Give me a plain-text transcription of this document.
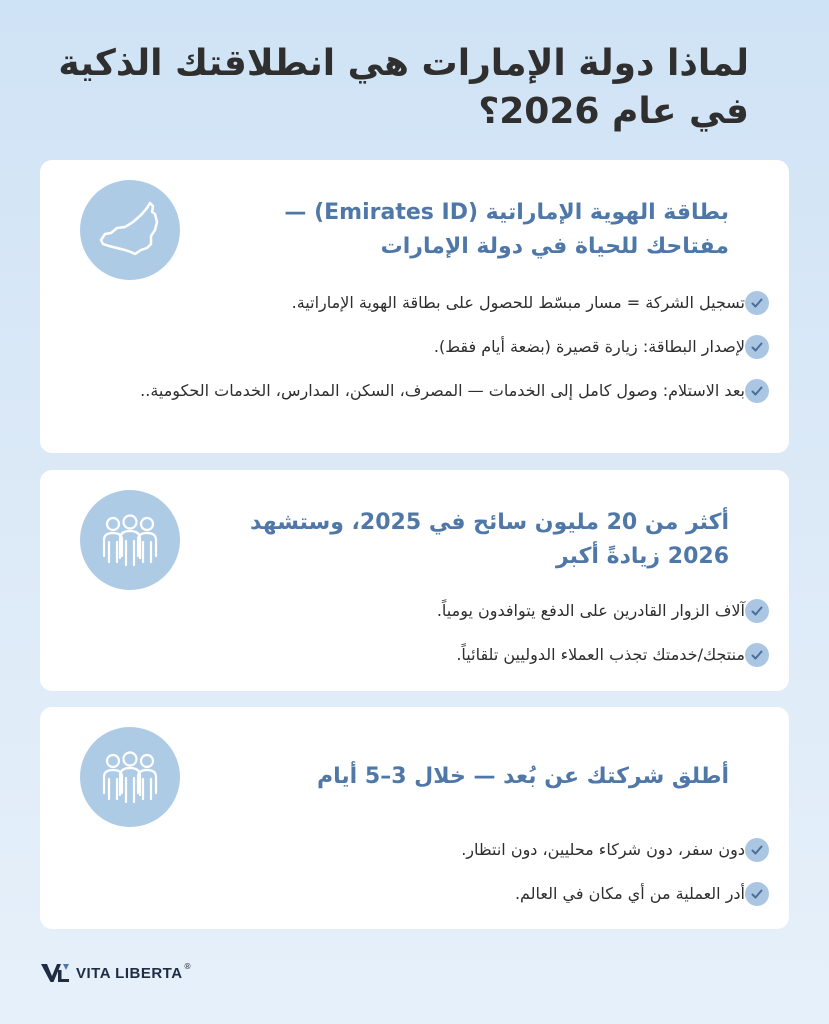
لماذا دولة الإمارات هي انطلاقتك الذكية في عام 2026؟
بطاقة الهوية الإماراتية (Emirates ID) — مفتاحك للحياة في دولة الإمارات
تسجيل الشركة = مسار مبسّط للحصول على بطاقة الهوية الإماراتية.
لإصدار البطاقة: زيارة قصيرة (بضعة أيام فقط).
بعد الاستلام: وصول كامل إلى الخدمات — المصرف، السكن، المدارس، الخدمات الحكومية..
أكثر من 20 مليون سائح في 2025، وستشهد 2026 زيادةً أكبر
آلاف الزوار القادرين على الدفع يتوافدون يومياً.
منتجك/خدمتك تجذب العملاء الدوليين تلقائياً.
أطلق شركتك عن بُعد — خلال 3–5 أيام
دون سفر، دون شركاء محليين، دون انتظار.
أدر العملية من أي مكان في العالم.
VITA LIBERTA ®
